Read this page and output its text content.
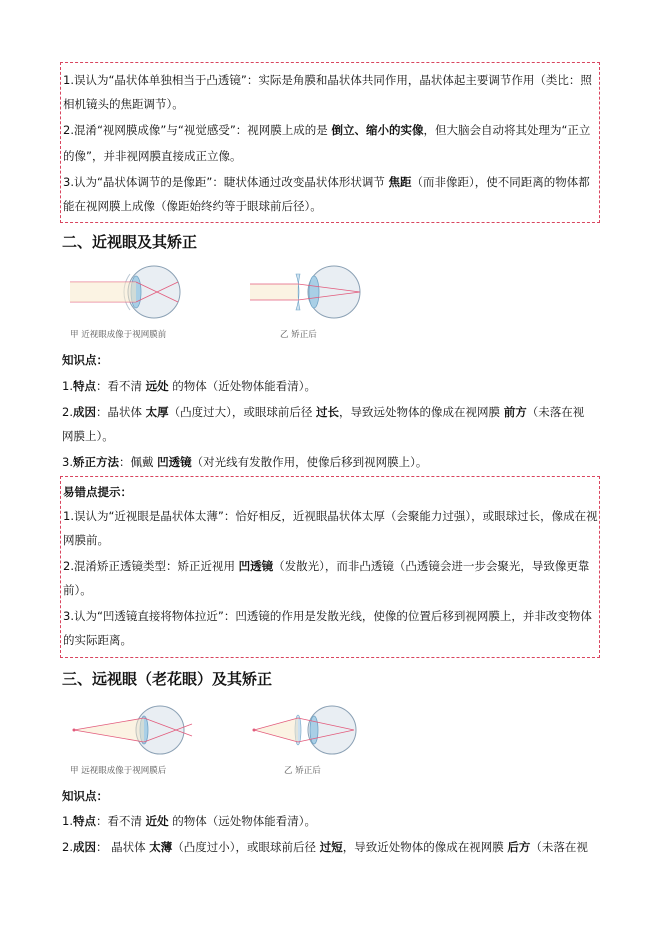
1.误认为“晶状体单独相当于凸透镜”：实际是角膜和晶状体共同作用，晶状体起主要调节作用（类比：照
相机镜头的焦距调节）。
2.混淆“视网膜成像”与“视觉感受”：视网膜上成的是 倒立、缩小的实像，但大脑会自动将其处理为“正立
的像”，并非视网膜直接成正立像。
3.认为“晶状体调节的是像距”：睫状体通过改变晶状体形状调节 焦距（而非像距），使不同距离的物体都
能在视网膜上成像（像距始终约等于眼球前后径）。
二、近视眼及其矫正
甲 近视眼成像于视网膜前	乙 矫正后
知识点：
1.特点：看不清 远处 的物体（近处物体能看清）。
2.成因：晶状体 太厚（凸度过大），或眼球前后径 过长，导致远处物体的像成在视网膜 前方（未落在视
网膜上）。
3.矫正方法：佩戴 凹透镜（对光线有发散作用，使像后移到视网膜上）。
易错点提示：
1.误认为“近视眼是晶状体太薄”：恰好相反，近视眼晶状体太厚（会聚能力过强），或眼球过长，像成在视
网膜前。
2.混淆矫正透镜类型：矫正近视用 凹透镜（发散光），而非凸透镜（凸透镜会进一步会聚光，导致像更靠
前）。
3.认为“凹透镜直接将物体拉近”：凹透镜的作用是发散光线，使像的位置后移到视网膜上，并非改变物体
的实际距离。
三、远视眼（老花眼）及其矫正
甲 远视眼成像于视网膜后	乙 矫正后
知识点：
1.特点：看不清 近处 的物体（远处物体能看清）。
2.成因： 晶状体 太薄（凸度过小），或眼球前后径 过短，导致近处物体的像成在视网膜 后方（未落在视
